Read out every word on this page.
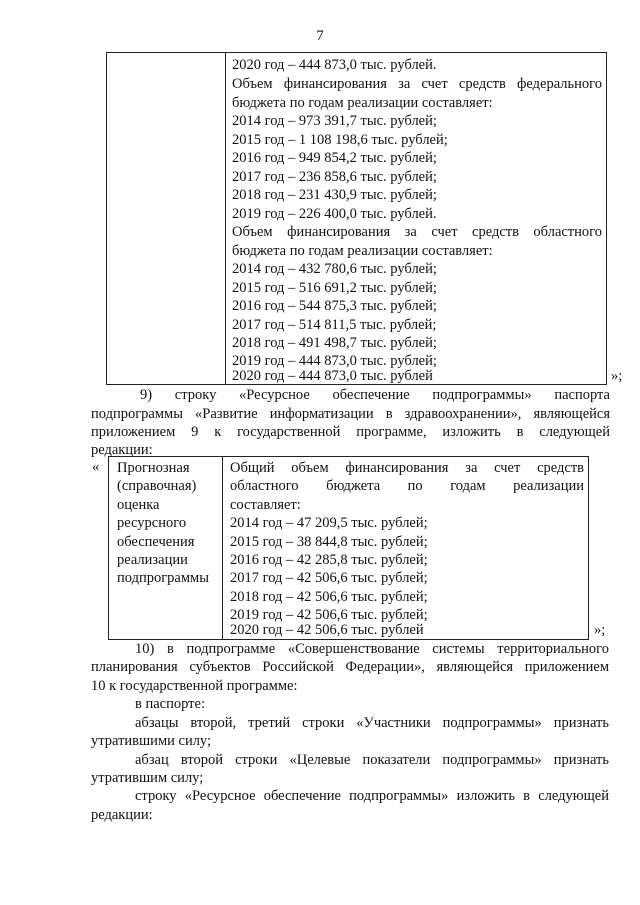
7
2020 год – 444 873,0 тыс. рублей.
Объем финансирования за счет средств федерального
бюджета по годам реализации составляет:
2014 год – 973 391,7 тыс. рублей;
2015 год – 1 108 198,6 тыс. рублей;
2016 год – 949 854,2 тыс. рублей;
2017 год – 236 858,6 тыс. рублей;
2018 год – 231 430,9 тыс. рублей;
2019 год – 226 400,0 тыс. рублей.
Объем финансирования за счет средств областного
бюджета по годам реализации составляет:
2014 год – 432 780,6 тыс. рублей;
2015 год – 516 691,2 тыс. рублей;
2016 год – 544 875,3 тыс. рублей;
2017 год – 514 811,5 тыс. рублей;
2018 год – 491 498,7 тыс. рублей;
2019 год – 444 873,0 тыс. рублей;
2020 год – 444 873,0 тыс. рублей	»;
9) строку «Ресурсное обеспечение подпрограммы» паспорта
подпрограммы «Развитие информатизации в здравоохранении», являющейся
приложением 9 к государственной программе, изложить в следующей
редакции:
« Прогнозная
(справочная)
оценка
ресурсного
обеспечения
реализации
подпрограммы
Общий объем финансирования за счет средств
областного бюджета по годам реализации
составляет:
2014 год – 47 209,5 тыс. рублей;
2015 год – 38 844,8 тыс. рублей;
2016 год – 42 285,8 тыс. рублей;
2017 год – 42 506,6 тыс. рублей;
2018 год – 42 506,6 тыс. рублей;
2019 год – 42 506,6 тыс. рублей;
2020 год – 42 506,6 тыс. рублей	»;
10) в подпрограмме «Совершенствование системы территориального
планирования субъектов Российской Федерации», являющейся приложением
10 к государственной программе:
в паспорте:
абзацы второй, третий строки «Участники подпрограммы» признать
утратившими силу;
абзац второй строки «Целевые показатели подпрограммы» признать
утратившим силу;
строку «Ресурсное обеспечение подпрограммы» изложить в следующей
редакции:
